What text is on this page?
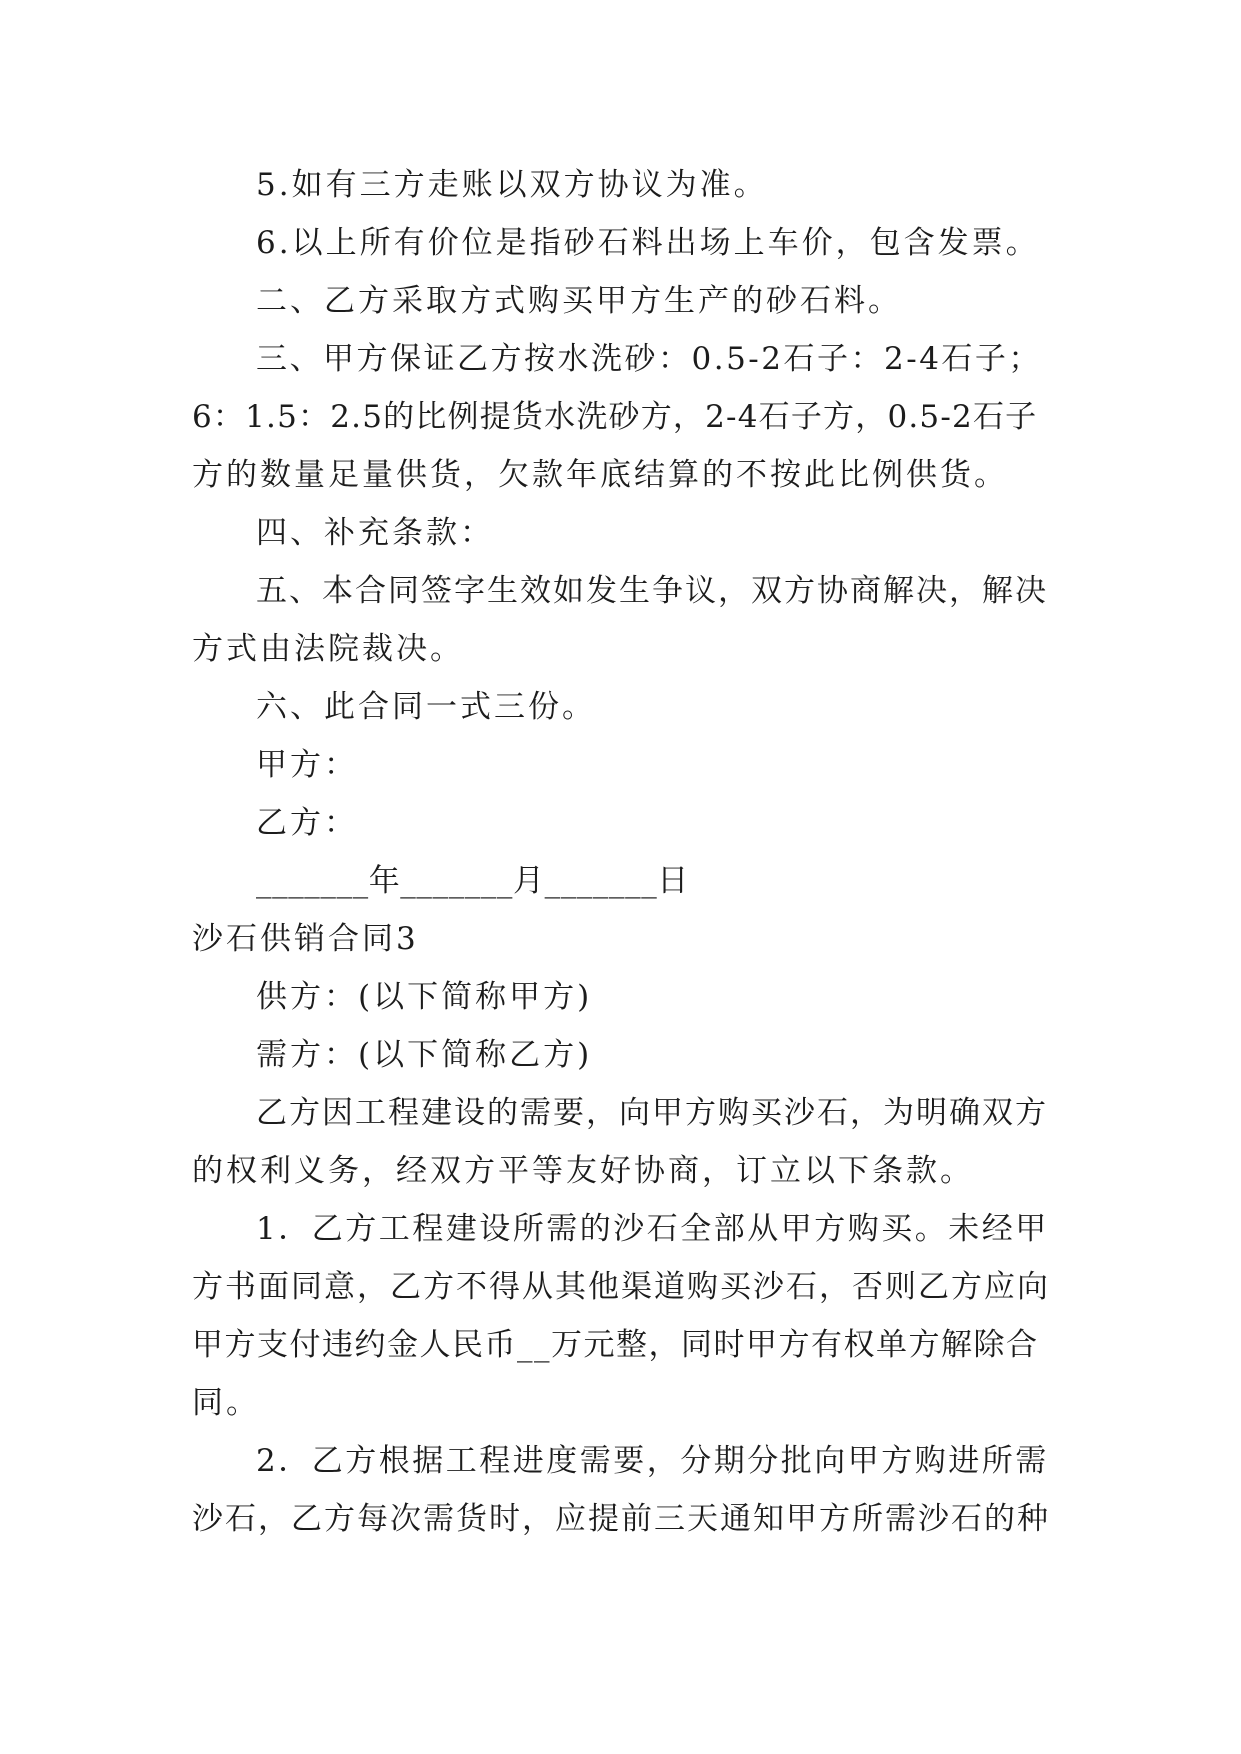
5.如有三方走账以双方协议为准。
6.以上所有价位是指砂石料出场上车价，包含发票。
二、乙方采取方式购买甲方生产的砂石料。
三、甲方保证乙方按水洗砂：0.5-2石子：2-4石子；
6：1.5：2.5的比例提货水洗砂方，2-4石子方，0.5-2石子
方的数量足量供货，欠款年底结算的不按此比例供货。
四、补充条款：
五、本合同签字生效如发生争议，双方协商解决，解决
方式由法院裁决。
六、此合同一式三份。
甲方：
乙方：
_______年_______月_______日
沙石供销合同3
供方：(以下简称甲方)
需方：(以下简称乙方)
乙方因工程建设的需要，向甲方购买沙石，为明确双方
的权利义务，经双方平等友好协商，订立以下条款。
1．乙方工程建设所需的沙石全部从甲方购买。未经甲
方书面同意，乙方不得从其他渠道购买沙石，否则乙方应向
甲方支付违约金人民币__万元整，同时甲方有权单方解除合
同。
2．乙方根据工程进度需要，分期分批向甲方购进所需
沙石，乙方每次需货时，应提前三天通知甲方所需沙石的种
